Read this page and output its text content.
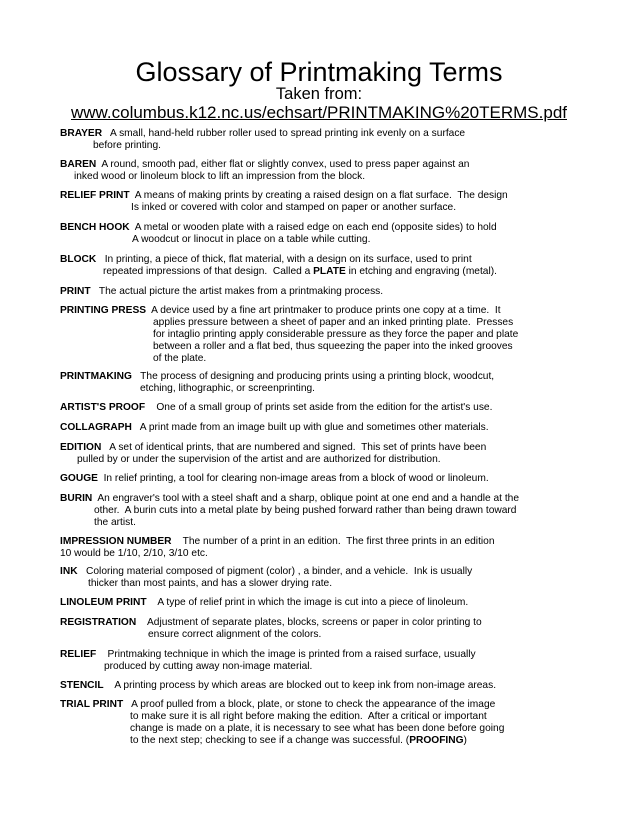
Glossary of Printmaking Terms
Taken from:
www.columbus.k12.nc.us/echsart/PRINTMAKING%20TERMS.pdf
BRAYER   A small, hand-held rubber roller used to spread printing ink evenly on a surface
before printing.
BAREN  A round, smooth pad, either flat or slightly convex, used to press paper against an
inked wood or linoleum block to lift an impression from the block.
RELIEF PRINT  A means of making prints by creating a raised design on a flat surface.  The design
Is inked or covered with color and stamped on paper or another surface.
BENCH HOOK  A metal or wooden plate with a raised edge on each end (opposite sides) to hold
A woodcut or linocut in place on a table while cutting.
BLOCK   In printing, a piece of thick, flat material, with a design on its surface, used to print
repeated impressions of that design.  Called a PLATE in etching and engraving (metal).
PRINT   The actual picture the artist makes from a printmaking process.
PRINTING PRESS  A device used by a fine art printmaker to produce prints one copy at a time.  It
applies pressure between a sheet of paper and an inked printing plate.  Presses
for intaglio printing apply considerable pressure as they force the paper and plate
between a roller and a flat bed, thus squeezing the paper into the inked grooves
of the plate.
PRINTMAKING   The process of designing and producing prints using a printing block, woodcut,
etching, lithographic, or screenprinting.
ARTIST'S PROOF    One of a small group of prints set aside from the edition for the artist's use.
COLLAGRAPH   A print made from an image built up with glue and sometimes other materials.
EDITION   A set of identical prints, that are numbered and signed.  This set of prints have been
pulled by or under the supervision of the artist and are authorized for distribution.
GOUGE  In relief printing, a tool for clearing non-image areas from a block of wood or linoleum.
BURIN  An engraver's tool with a steel shaft and a sharp, oblique point at one end and a handle at the
other.  A burin cuts into a metal plate by being pushed forward rather than being drawn toward
the artist.
IMPRESSION NUMBER    The number of a print in an edition.  The first three prints in an edition
10 would be 1/10, 2/10, 3/10 etc.
INK   Coloring material composed of pigment (color) , a binder, and a vehicle.  Ink is usually
thicker than most paints, and has a slower drying rate.
LINOLEUM PRINT    A type of relief print in which the image is cut into a piece of linoleum.
REGISTRATION    Adjustment of separate plates, blocks, screens or paper in color printing to
ensure correct alignment of the colors.
RELIEF    Printmaking technique in which the image is printed from a raised surface, usually
produced by cutting away non-image material.
STENCIL    A printing process by which areas are blocked out to keep ink from non-image areas.
TRIAL PRINT   A proof pulled from a block, plate, or stone to check the appearance of the image
to make sure it is all right before making the edition.  After a critical or important
change is made on a plate, it is necessary to see what has been done before going
to the next step; checking to see if a change was successful. (PROOFING)
